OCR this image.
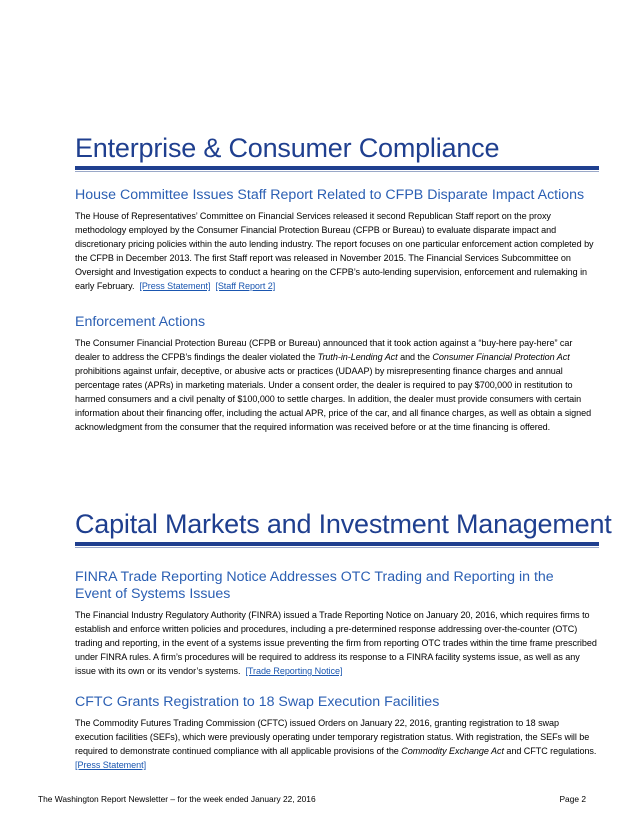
Enterprise & Consumer Compliance
House Committee Issues Staff Report Related to CFPB Disparate Impact Actions

The House of Representatives’ Committee on Financial Services released it second Republican Staff report on the proxy methodology employed by the Consumer Financial Protection Bureau (CFPB or Bureau) to evaluate disparate impact and discretionary pricing policies within the auto lending industry. The report focuses on one particular enforcement action completed by the CFPB in December 2013. The first Staff report was released in November 2015. The Financial Services Subcommittee on Oversight and Investigation expects to conduct a hearing on the CFPB’s auto-lending supervision, enforcement and rulemaking in early February. [Press Statement] [Staff Report 2]

Enforcement Actions

The Consumer Financial Protection Bureau (CFPB or Bureau) announced that it took action against a “buy-here pay-here” car dealer to address the CFPB’s findings the dealer violated the Truth-in-Lending Act and the Consumer Financial Protection Act prohibitions against unfair, deceptive, or abusive acts or practices (UDAAP) by misrepresenting finance charges and annual percentage rates (APRs) in marketing materials. Under a consent order, the dealer is required to pay $700,000 in restitution to harmed consumers and a civil penalty of $100,000 to settle charges. In addition, the dealer must provide consumers with certain information about their financing offer, including the actual APR, price of the car, and all finance charges, as well as obtain a signed acknowledgment from the consumer that the required information was received before or at the time financing is offered.

Capital Markets and Investment Management
FINRA Trade Reporting Notice Addresses OTC Trading and Reporting in the Event of Systems Issues

The Financial Industry Regulatory Authority (FINRA) issued a Trade Reporting Notice on January 20, 2016, which requires firms to establish and enforce written policies and procedures, including a pre-determined response addressing over-the-counter (OTC) trading and reporting, in the event of a systems issue preventing the firm from reporting OTC trades within the time frame prescribed under FINRA rules. A firm’s procedures will be required to address its response to a FINRA facility systems issue, as well as any issue with its own or its vendor’s systems. [Trade Reporting Notice]

CFTC Grants Registration to 18 Swap Execution Facilities

The Commodity Futures Trading Commission (CFTC) issued Orders on January 22, 2016, granting registration to 18 swap execution facilities (SEFs), which were previously operating under temporary registration status. With registration, the SEFs will be required to demonstrate continued compliance with all applicable provisions of the Commodity Exchange Act and CFTC regulations.  [Press Statement]

The Washington Report Newsletter – for the week ended January 22, 2016	Page 2
